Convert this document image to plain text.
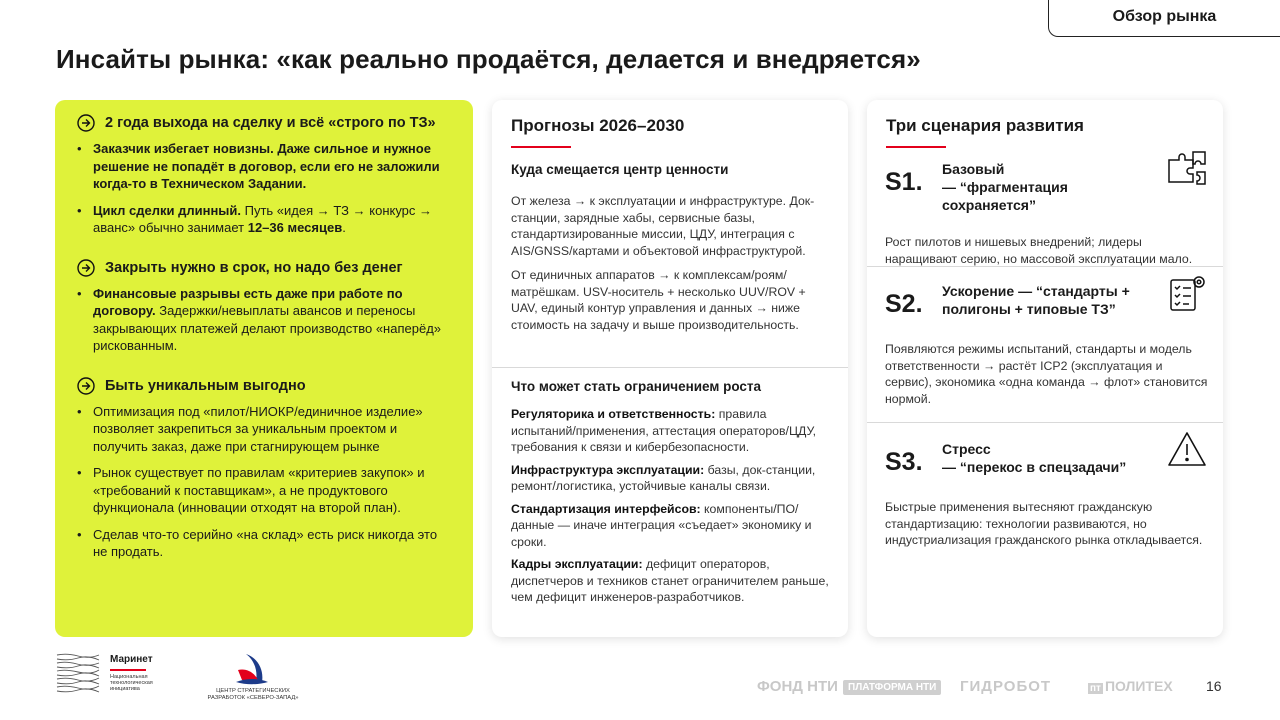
Обзор рынка
Инсайты рынка: «как реально продаётся, делается и внедряется»
2 года выхода на сделку и всё «строго по ТЗ»
• Заказчик избегает новизны. Даже сильное и нужное решение не попадёт в договор, если его не заложили когда-то в Техническом Задании.
• Цикл сделки длинный. Путь «идея → ТЗ → конкурс → аванс» обычно занимает 12–36 месяцев.
Закрыть нужно в срок, но надо без денег
• Финансовые разрывы есть даже при работе по договору. Задержки/невыплаты авансов и переносы закрывающих платежей делают производство «наперёд» рискованным.
Быть уникальным выгодно
• Оптимизация под «пилот/НИОКР/единичное изделие» позволяет закрепиться за уникальным проектом и получить заказ, даже при стагнирующем рынке
• Рынок существует по правилам «критериев закупок» и «требований к поставщикам», а не продуктового функционала (инновации отходят на второй план).
• Сделав что-то серийно «на склад» есть риск никогда это не продать.
Прогнозы 2026–2030
Куда смещается центр ценности
От железа → к эксплуатации и инфраструктуре. Док-станции, зарядные хабы, сервисные базы, стандартизированные миссии, ЦДУ, интеграция с AIS/GNSS/картами и объектовой инфраструктурой.
От единичных аппаратов → к комплексам/роям/матрёшкам. USV-носитель + несколько UUV/ROV + UAV, единый контур управления и данных → ниже стоимость на задачу и выше производительность.
Что может стать ограничением роста
Регуляторика и ответственность: правила испытаний/применения, аттестация операторов/ЦДУ, требования к связи и кибербезопасности.
Инфраструктура эксплуатации: базы, док-станции, ремонт/логистика, устойчивые каналы связи.
Стандартизация интерфейсов: компоненты/ПО/данные — иначе интеграция «съедает» экономику и сроки.
Кадры эксплуатации: дефицит операторов, диспетчеров и техников станет ограничителем раньше, чем дефицит инженеров-разработчиков.
Три сценария развития
S1.	Базовый
— “фрагментация сохраняется”
Рост пилотов и нишевых внедрений; лидеры наращивают серию, но массовой эксплуатации мало.
S2.	Ускорение — “стандарты + полигоны + типовые ТЗ”
Появляются режимы испытаний, стандарты и модель ответственности → растёт ICP2 (эксплуатация и сервис), экономика «одна команда → флот» становится нормой.
S3.	Стресс
— “перекос в спецзадачи”
Быстрые применения вытесняют гражданскую стандартизацию: технологии развиваются, но индустриализация гражданского рынка откладывается.
Маринет
Национальная технологическая инициатива	ЦЕНТР СТРАТЕГИЧЕСКИХ РАЗРАБОТОК «СЕВЕРО-ЗАПАД»
ФОНД НТИ	ПЛАТФОРМА НТИ	ГИДРОБОТ	пт ПОЛИТЕХ 16
